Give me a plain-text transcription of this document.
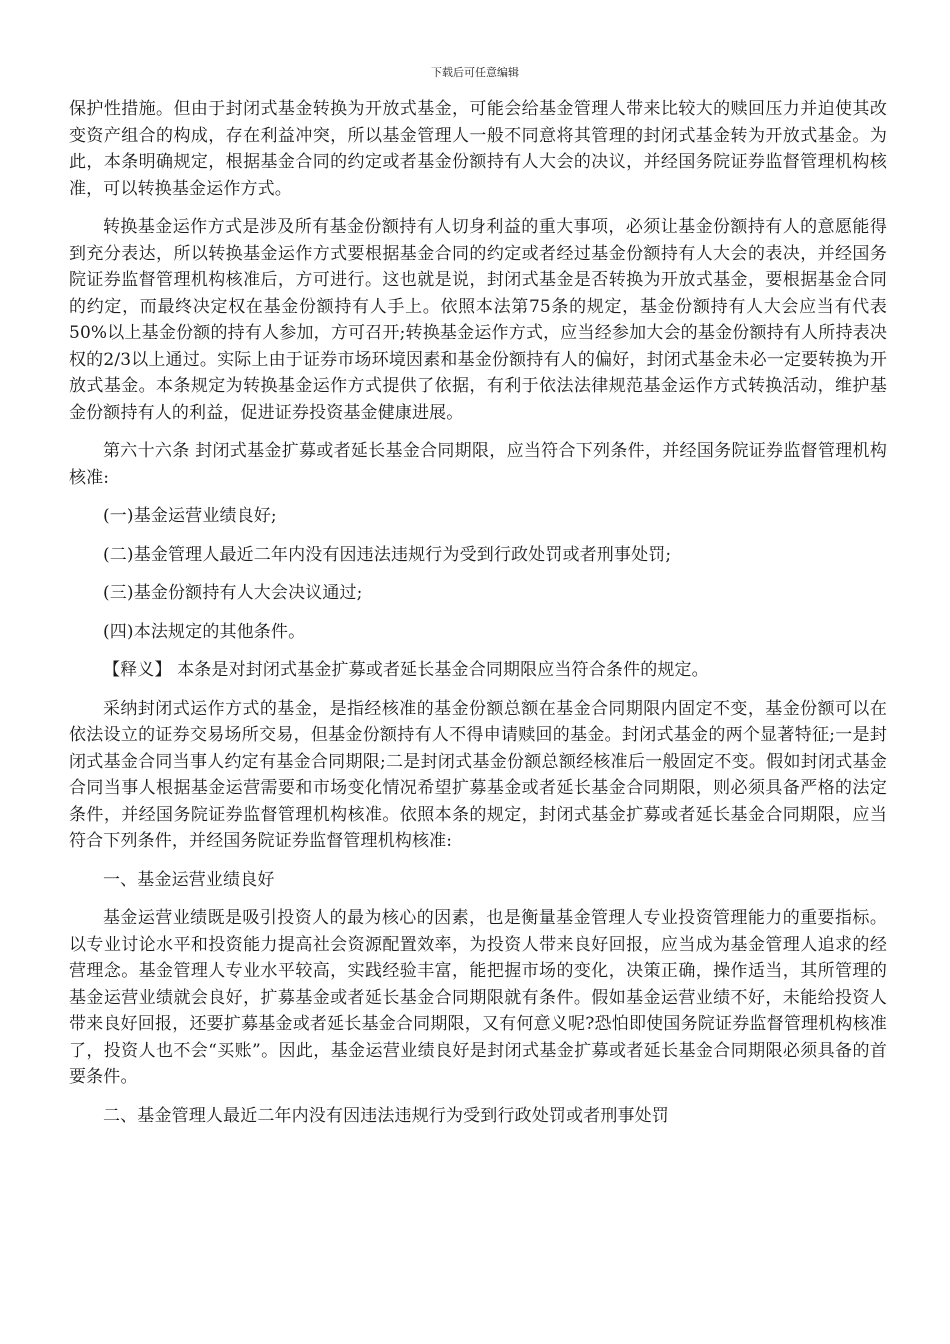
下载后可任意编辑

保护性措施。但由于封闭式基金转换为开放式基金，可能会给基金管理人带来比较大的赎回压力并迫使其改变资产组合的构成，存在利益冲突，所以基金管理人一般不同意将其管理的封闭式基金转为开放式基金。为此，本条明确规定，根据基金合同的约定或者基金份额持有人大会的决议，并经国务院证券监督管理机构核准，可以转换基金运作方式。

转换基金运作方式是涉及所有基金份额持有人切身利益的重大事项，必须让基金份额持有人的意愿能得到充分表达，所以转换基金运作方式要根据基金合同的约定或者经过基金份额持有人大会的表决，并经国务院证券监督管理机构核准后，方可进行。这也就是说，封闭式基金是否转换为开放式基金，要根据基金合同的约定，而最终决定权在基金份额持有人手上。依照本法第75条的规定，基金份额持有人大会应当有代表50%以上基金份额的持有人参加，方可召开;转换基金运作方式，应当经参加大会的基金份额持有人所持表决权的2/3以上通过。实际上由于证券市场环境因素和基金份额持有人的偏好，封闭式基金未必一定要转换为开放式基金。本条规定为转换基金运作方式提供了依据，有利于依法法律规范基金运作方式转换活动，维护基金份额持有人的利益，促进证券投资基金健康进展。

第六十六条 封闭式基金扩募或者延长基金合同期限，应当符合下列条件，并经国务院证券监督管理机构核准:

(一)基金运营业绩良好;

(二)基金管理人最近二年内没有因违法违规行为受到行政处罚或者刑事处罚;

(三)基金份额持有人大会决议通过;

(四)本法规定的其他条件。

【释义】 本条是对封闭式基金扩募或者延长基金合同期限应当符合条件的规定。

采纳封闭式运作方式的基金，是指经核准的基金份额总额在基金合同期限内固定不变，基金份额可以在依法设立的证券交易场所交易，但基金份额持有人不得申请赎回的基金。封闭式基金的两个显著特征;一是封闭式基金合同当事人约定有基金合同期限;二是封闭式基金份额总额经核准后一般固定不变。假如封闭式基金合同当事人根据基金运营需要和市场变化情况希望扩募基金或者延长基金合同期限，则必须具备严格的法定条件，并经国务院证券监督管理机构核准。依照本条的规定，封闭式基金扩募或者延长基金合同期限，应当符合下列条件，并经国务院证券监督管理机构核准:

一、基金运营业绩良好

基金运营业绩既是吸引投资人的最为核心的因素，也是衡量基金管理人专业投资管理能力的重要指标。以专业讨论水平和投资能力提高社会资源配置效率，为投资人带来良好回报，应当成为基金管理人追求的经营理念。基金管理人专业水平较高，实践经验丰富，能把握市场的变化，决策正确，操作适当，其所管理的基金运营业绩就会良好，扩募基金或者延长基金合同期限就有条件。假如基金运营业绩不好，未能给投资人带来良好回报，还要扩募基金或者延长基金合同期限，又有何意义呢?恐怕即使国务院证券监督管理机构核准了，投资人也不会“买账”。因此，基金运营业绩良好是封闭式基金扩募或者延长基金合同期限必须具备的首要条件。

二、基金管理人最近二年内没有因违法违规行为受到行政处罚或者刑事处罚
